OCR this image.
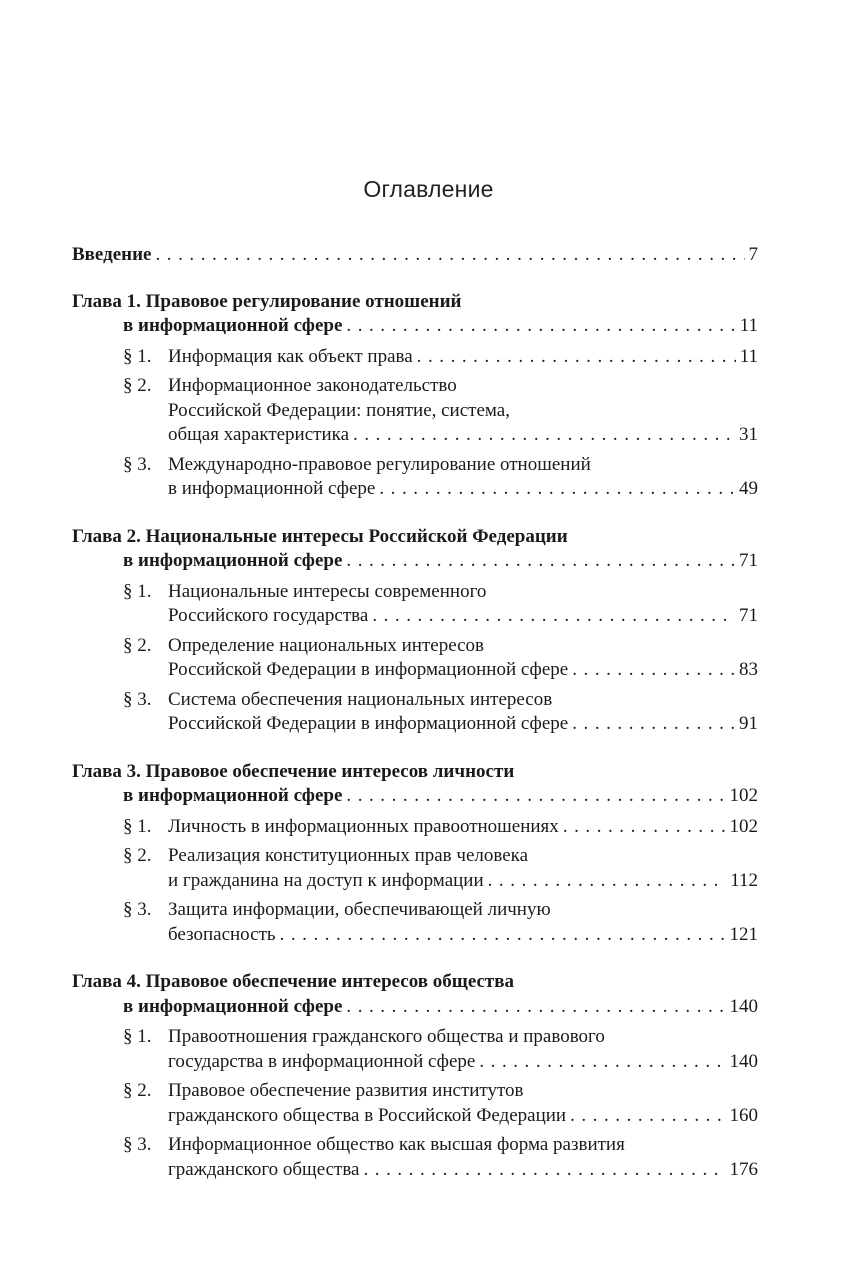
Оглавление
Введение . . .	7
Глава 1. Правовое регулирование отношений
в информационной сфере . . .	11
§ 1. Информация как объект права . . .	11
§ 2. Информационное законодательство
Российской Федерации: понятие, система,
общая характеристика . . .	31
§ 3. Международно-правовое регулирование отношений
в информационной сфере . . .	49
Глава 2. Национальные интересы Российской Федерации
в информационной сфере . . .	71
§ 1. Национальные интересы современного
Российского государства . . .	71
§ 2. Определение национальных интересов
Российской Федерации в информационной сфере . . .	83
§ 3. Система обеспечения национальных интересов
Российской Федерации в информационной сфере . . .	91
Глава 3. Правовое обеспечение интересов личности
в информационной сфере . . .	102
§ 1. Личность в информационных правоотношениях . . .	102
§ 2. Реализация конституционных прав человека
и гражданина на доступ к информации . . .	112
§ 3. Защита информации, обеспечивающей личную
безопасность . . .	121
Глава 4. Правовое обеспечение интересов общества
в информационной сфере . . .	140
§ 1. Правоотношения гражданского общества и правового
государства в информационной сфере . . .	140
§ 2. Правовое обеспечение развития институтов
гражданского общества в Российской Федерации . . .	160
§ 3. Информационное общество как высшая форма развития
гражданского общества . . .	176
